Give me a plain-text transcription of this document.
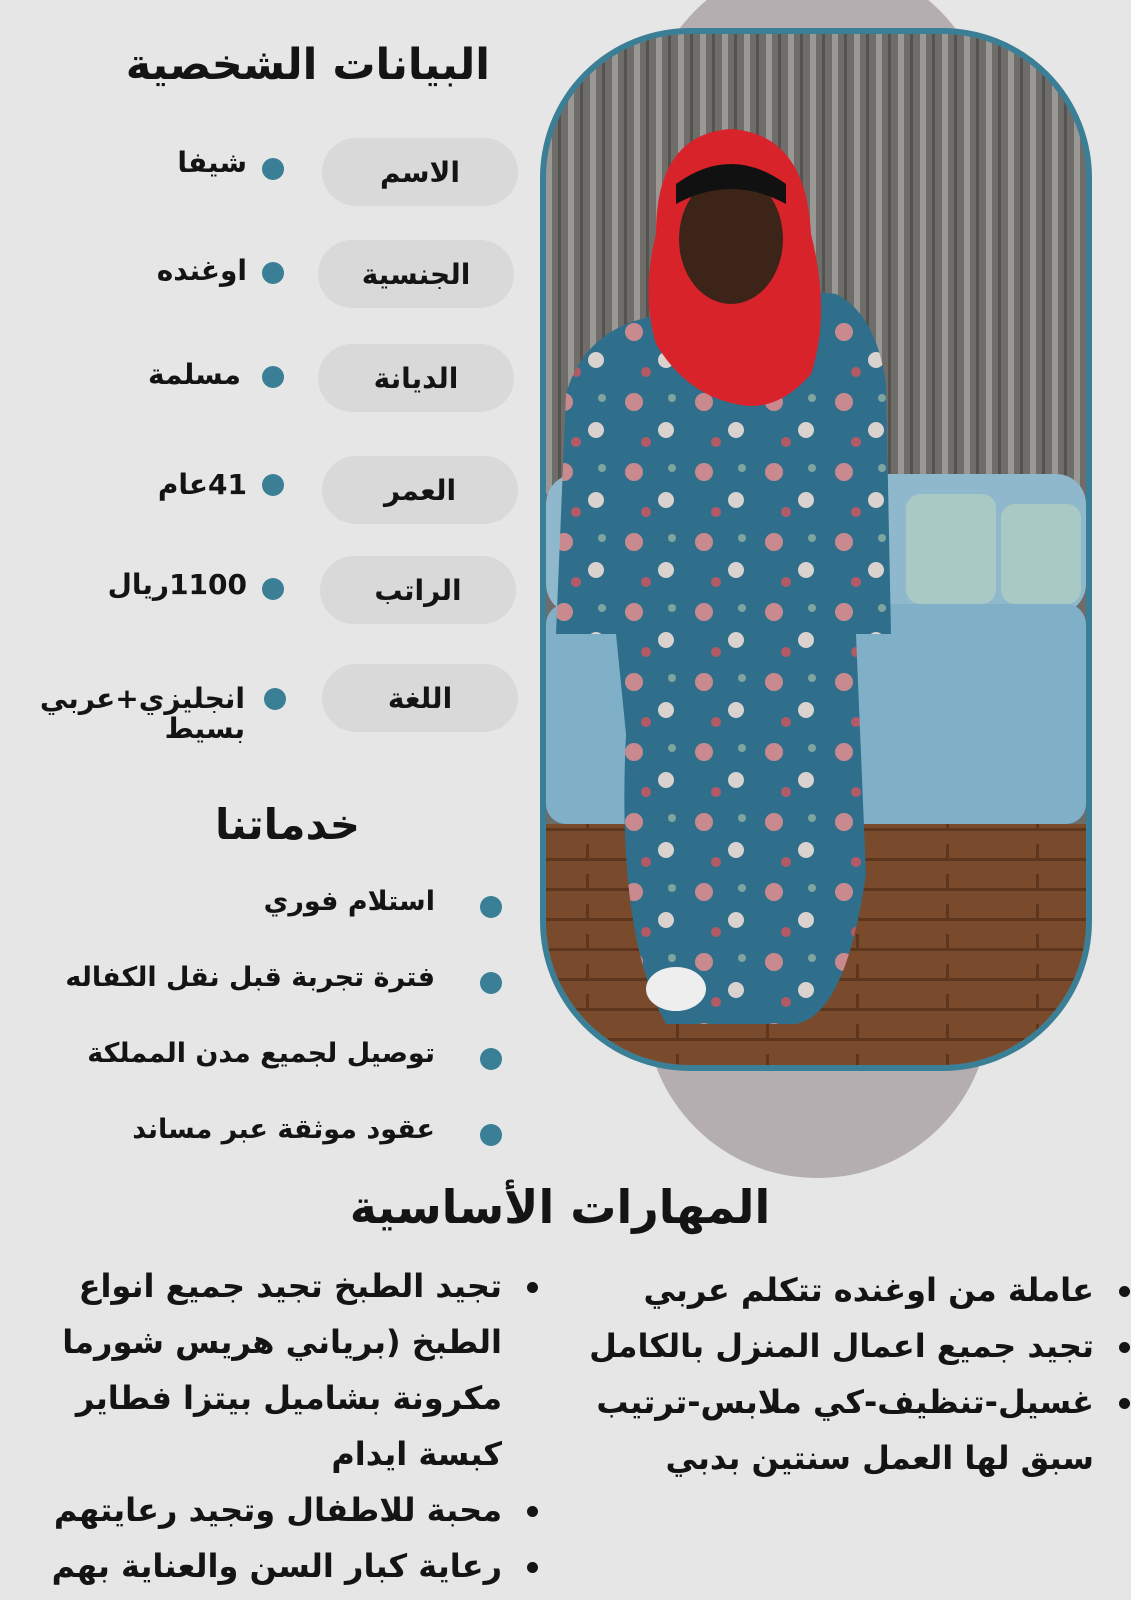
البيانات الشخصية
الاسم
شيفا
الجنسية
اوغنده
الديانة
مسلمة
العمر
41عام
الراتب
1100ريال
اللغة
انجليزي+عربي بسيط
خدماتنا
استلام فوري
فترة تجربة قبل نقل الكفاله
توصيل لجميع مدن المملكة
عقود موثقة عبر مساند
المهارات الأساسية
تجيد الطبخ تجيد جميع انواع الطبخ (برياني هريس شورما مكرونة بشاميل بيتزا فطاير كبسة ايدام
محبة للاطفال وتجيد رعايتهم
رعاية كبار السن والعناية بهم
عاملة من اوغنده تتكلم عربي
تجيد جميع اعمال المنزل بالكامل
غسيل-تنظيف-كي ملابس-ترتيب
سبق لها العمل سنتين بدبي
